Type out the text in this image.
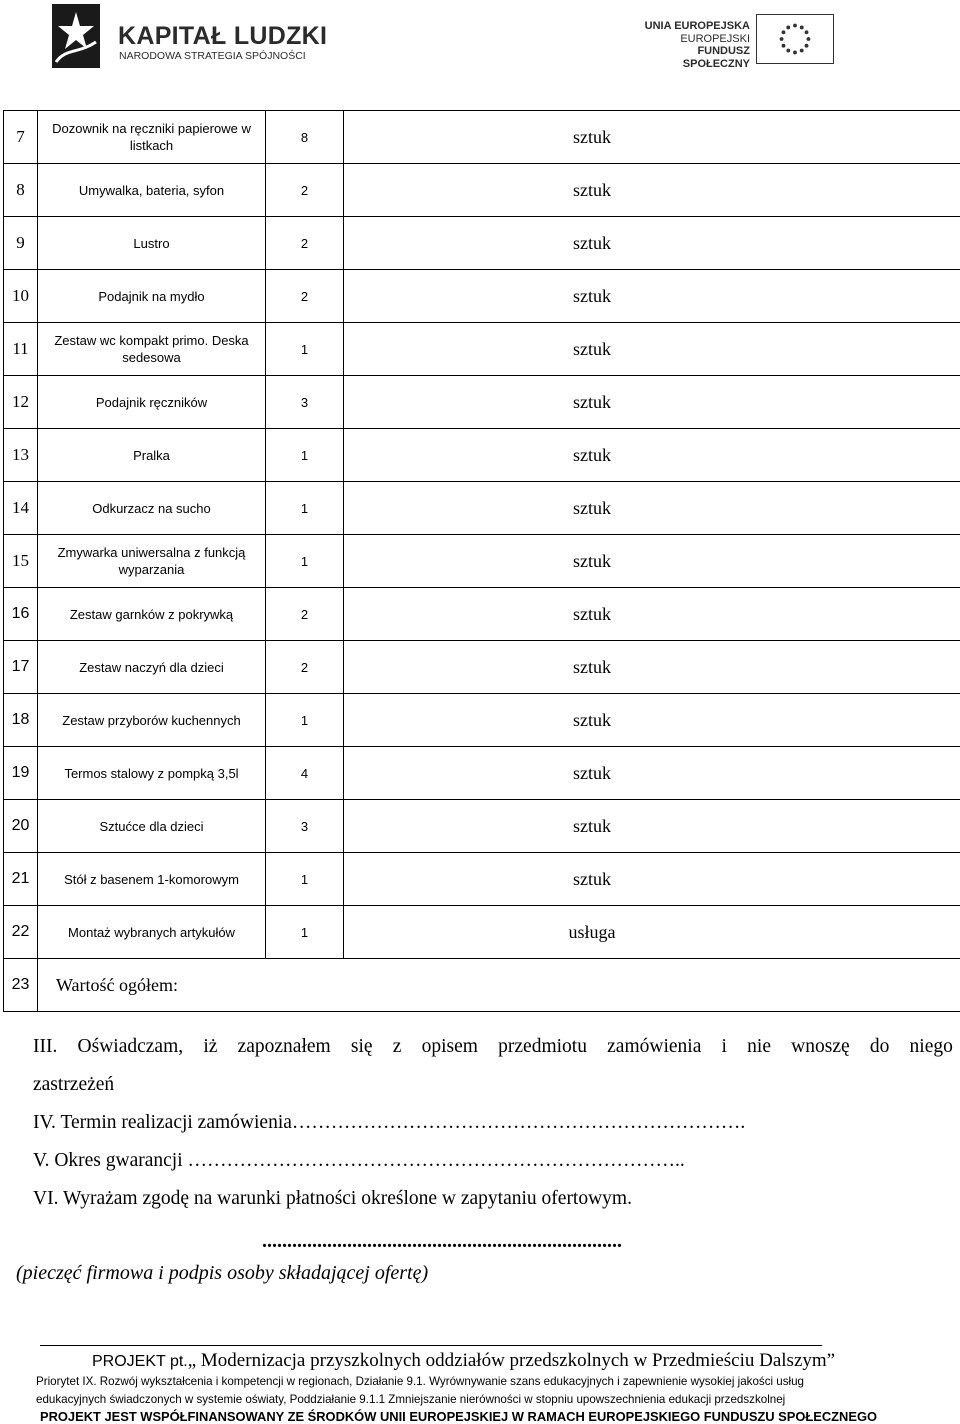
KAPITAŁ LUDZKI
NARODOWA STRATEGIA SPÓJNOŚCI
UNIA EUROPEJSKA
EUROPEJSKI
FUNDUSZ SPOŁECZNY
7	Dozownik na ręczniki papierowe w listkach	8	sztuk
8	Umywalka, bateria, syfon	2	sztuk
9	Lustro	2	sztuk
10	Podajnik na mydło	2	sztuk
11	Zestaw wc kompakt primo. Deska sedesowa	1	sztuk
12	Podajnik ręczników	3	sztuk
13	Pralka	1	sztuk
14	Odkurzacz na sucho	1	sztuk
15	Zmywarka uniwersalna z funkcją wyparzania	1	sztuk
16	Zestaw garnków z pokrywką	2	sztuk
17	Zestaw naczyń dla dzieci	2	sztuk
18	Zestaw przyborów kuchennych	1	sztuk
19	Termos stalowy z pompką 3,5l	4	sztuk
20	Sztućce dla dzieci	3	sztuk
21	Stół z basenem 1-komorowym	1	sztuk
22	Montaż wybranych artykułów	1	usługa
23	Wartość ogółem:		
III. Oświadczam, iż zapoznałem się z opisem przedmiotu zamówienia i nie wnoszę do niego
zastrzeżeń
IV. Termin realizacji zamówienia…………………………………………………………….
V. Okres gwarancji …………………………………………………………………..
VI. Wyrażam zgodę na warunki płatności określone w zapytaniu ofertowym.
........................................................................
(pieczęć firmowa i podpis osoby składającej ofertę)
PROJEKT pt.„ Modernizacja przyszkolnych oddziałów przedszkolnych w Przedmieściu Dalszym”
Priorytet IX. Rozwój wykształcenia i kompetencji w regionach, Działanie 9.1. Wyrównywanie szans edukacyjnych i zapewnienie wysokiej jakości usług
edukacyjnych świadczonych w systemie oświaty, Poddziałanie 9.1.1 Zmniejszanie nierówności w stopniu upowszechnienia edukacji przedszkolnej
PROJEKT JEST WSPÓŁFINANSOWANY ZE ŚRODKÓW UNII EUROPEJSKIEJ W RAMACH EUROPEJSKIEGO FUNDUSZU SPOŁECZNEGO
